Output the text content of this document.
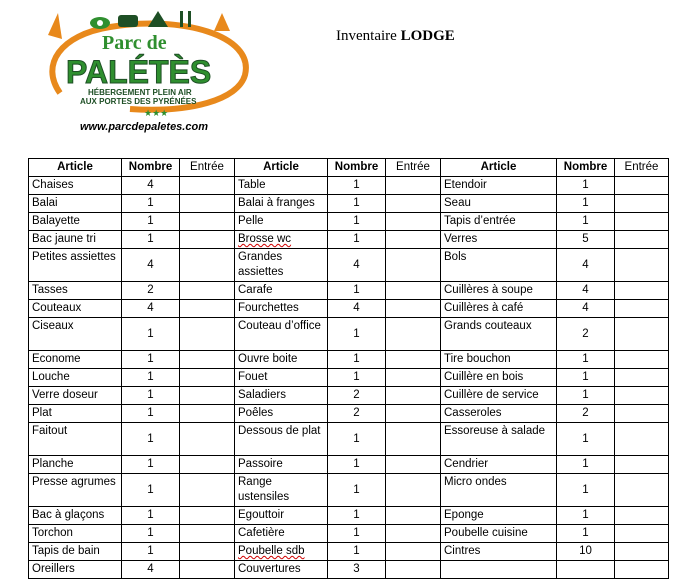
Parc de
PALÉTÈS
HÉBERGEMENT PLEIN AIR
AUX PORTES DES PYRÉNÉES
★★★
www.parcdepaletes.com
Inventaire LODGE
Article	Nombre	Entrée	Article	Nombre	Entrée	Article	Nombre	Entrée
Chaises	4		Table	1		Etendoir	1	
Balai	1		Balai à franges	1		Seau	1	
Balayette	1		Pelle	1		Tapis d’entrée	1	
Bac jaune tri	1		Brosse wc	1		Verres	5	
Petites assiettes	4		Grandes assiettes	4		Bols	4	
Tasses	2		Carafe	1		Cuillères à soupe	4	
Couteaux	4		Fourchettes	4		Cuillères à café	4	
Ciseaux	1		Couteau d’office	1		Grands couteaux	2	
Econome	1		Ouvre boite	1		Tire bouchon	1	
Louche	1		Fouet	1		Cuillère en bois	1	
Verre doseur	1		Saladiers	2		Cuillère de service	1	
Plat	1		Poêles	2		Casseroles	2	
Faitout	1		Dessous de plat	1		Essoreuse à salade	1	
Planche	1		Passoire	1		Cendrier	1	
Presse agrumes	1		Range ustensiles	1		Micro ondes	1	
Bac à glaçons	1		Egouttoir	1		Eponge	1	
Torchon	1		Cafetière	1		Poubelle cuisine	1	
Tapis de bain	1		Poubelle sdb	1		Cintres	10	
Oreillers	4		Couvertures	3				
